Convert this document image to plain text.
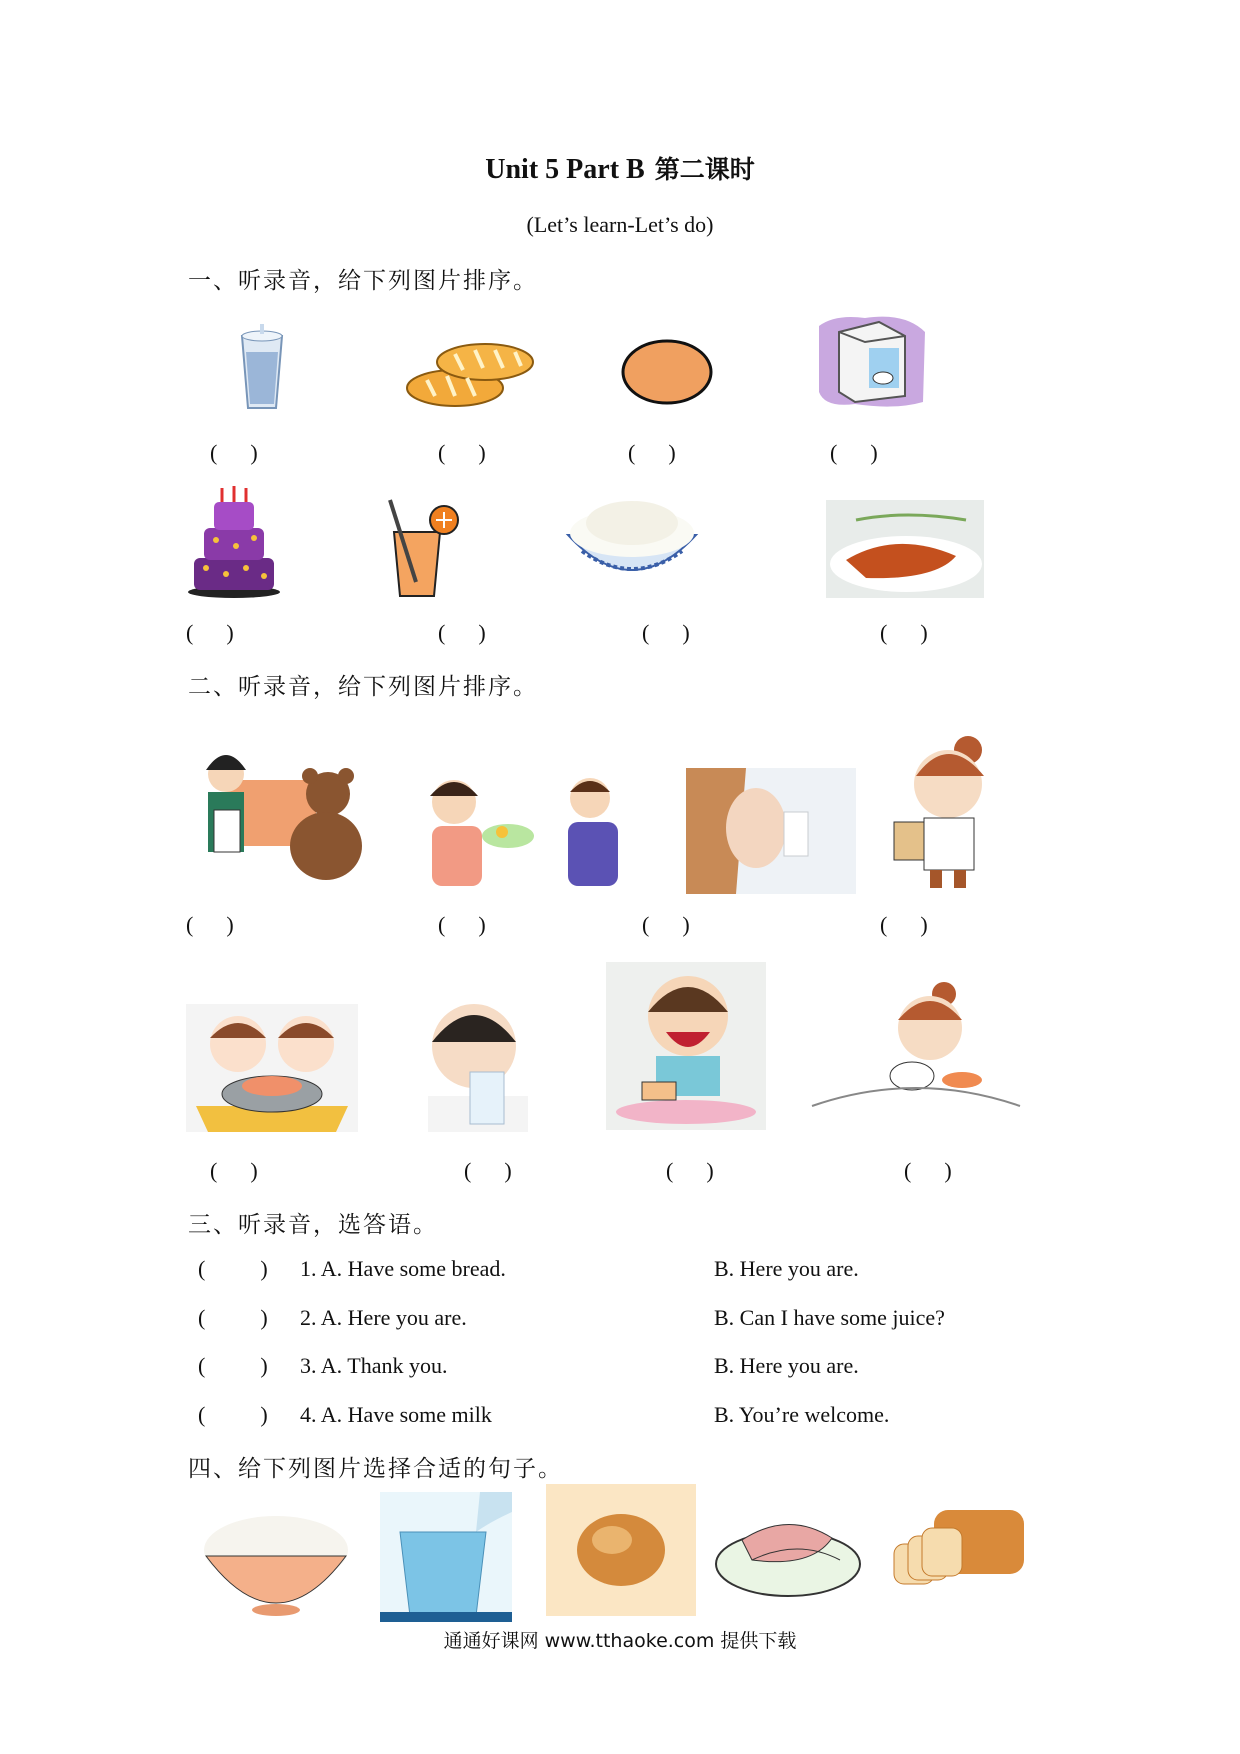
Unit 5 Part B 第二课时
(Let’s learn-Let’s do)
一、听录音，给下列图片排序。
(      )	(      )	(      )	(      )
(      )	(      )	(      )	(      )
二、听录音，给下列图片排序。
(      )	(      )	(      )	(      )
(      )	(      )	(      )	(      )
三、听录音，选答语。
(          ) 1. A. Have some bread.	B. Here you are.
(          ) 2. A. Here you are.	B. Can I have some juice?
(          ) 3. A. Thank you.	B. Here you are.
(          ) 4. A. Have some milk	B. You’re welcome.
四、给下列图片选择合适的句子。
通通好课网 www.tthaoke.com 提供下载
